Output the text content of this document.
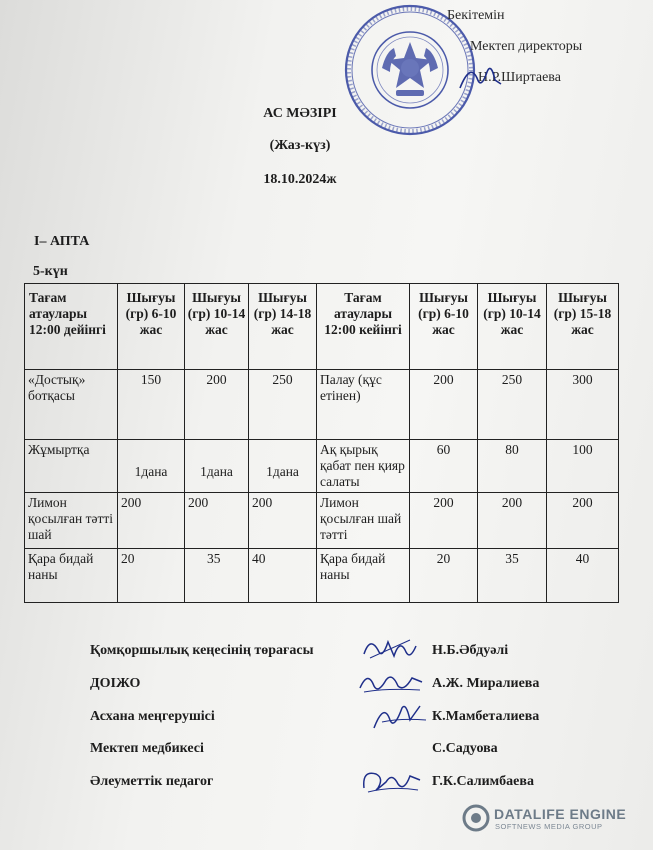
Бекітемін
Мектеп директоры
Н.Р.Ширтаева
АС МӘЗІРІ
(Жаз-күз)
18.10.2024ж
I– АПТА
5-күн
Тағам атаулары 12:00 дейінгі	Шығуы (гр) 6-10 жас	Шығуы (гр) 10-14 жас	Шығуы (гр) 14-18 жас	Тағам атаулары 12:00 кейінгі	Шығуы (гр) 6-10 жас	Шығуы (гр) 10-14 жас	Шығуы (гр) 15-18 жас
«Достық» ботқасы	150	200	250	Палау (құс етінен)	200	250	300
Жұмыртқа	1дана	1дана	1дана	Ақ қырық қабат пен қияр салаты	60	80	100
Лимон қосылған тәтті шай	200	200	200	Лимон қосылған шай тәтті	200	200	200
Қара бидай наны	20	35	40	Қара бидай наны	20	35	40
Қомқоршылық кеңесінің төрағасы	Н.Б.Әбдуәлі
ДОІЖО	А.Ж. Миралиева
Асхана меңгерушісі	К.Мамбеталиева
Мектеп медбикесі	С.Садуова
Әлеуметтік педагог	Г.К.Салимбаева
DATALIFE ENGINE
SOFTNEWS MEDIA GROUP
